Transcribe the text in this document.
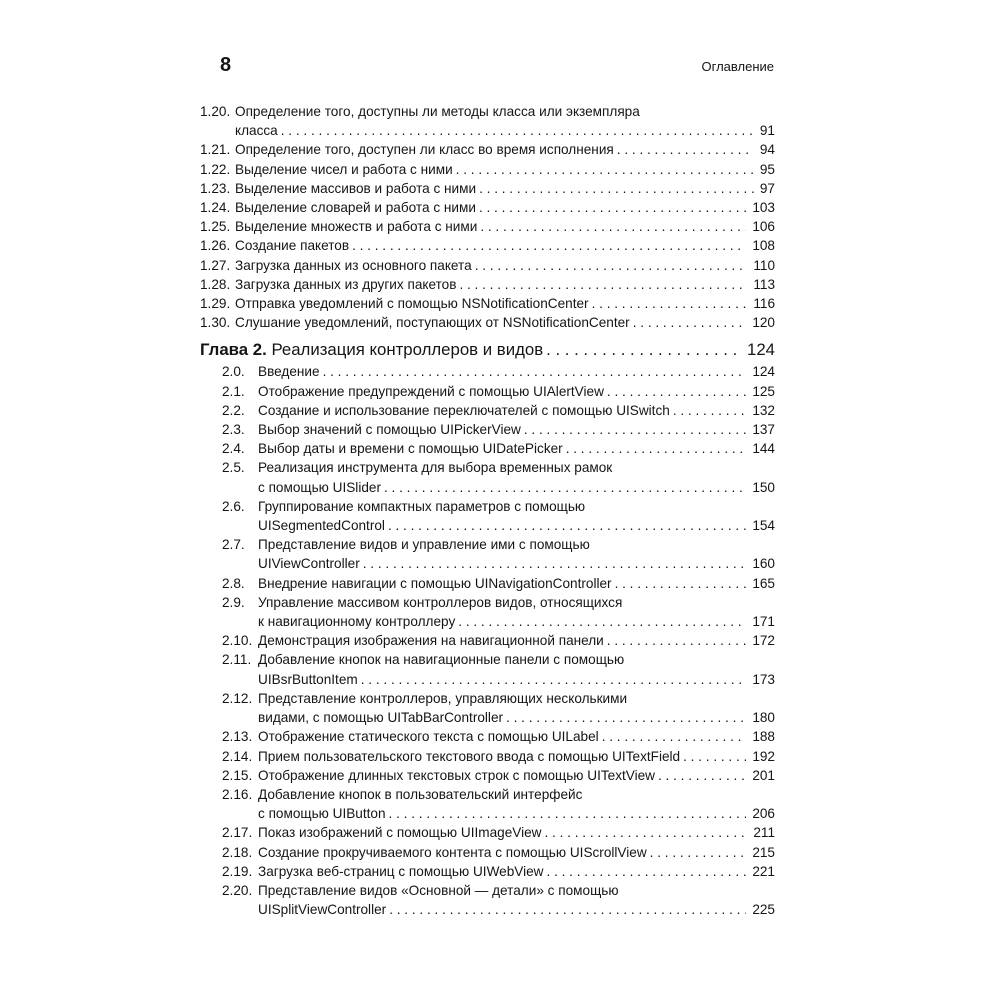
8	Оглавление
1.20. Определение того, доступны ли методы класса или экземпляра
класса . . .	91
1.21. Определение того, доступен ли класс во время исполнения . . .	94
1.22. Выделение чисел и работа с ними . . .	95
1.23. Выделение массивов и работа с ними . . .	97
1.24. Выделение словарей и работа с ними . . .	103
1.25. Выделение множеств и работа с ними . . .	106
1.26. Создание пакетов . . .	108
1.27. Загрузка данных из основного пакета . . .	110
1.28. Загрузка данных из других пакетов . . .	113
1.29. Отправка уведомлений с помощью NSNotificationCenter . . .	116
1.30. Слушание уведомлений, поступающих от NSNotificationCenter . . .	120
Глава 2. Реализация контроллеров и видов . . .	124
2.0. Введение . . .	124
2.1. Отображение предупреждений с помощью UIAlertView . . .	125
2.2. Создание и использование переключателей с помощью UISwitch . . .	132
2.3. Выбор значений с помощью UIPickerView . . .	137
2.4. Выбор даты и времени с помощью UIDatePicker . . .	144
2.5. Реализация инструмента для выбора временных рамок
с помощью UISlider . . .	150
2.6. Группирование компактных параметров с помощью
UISegmentedControl . . .	154
2.7. Представление видов и управление ими с помощью
UIViewController . . .	160
2.8. Внедрение навигации с помощью UINavigationController . . .	165
2.9. Управление массивом контроллеров видов, относящихся
к навигационному контроллеру . . .	171
2.10. Демонстрация изображения на навигационной панели . . .	172
2.11. Добавление кнопок на навигационные панели с помощью
UIBsrButtonItem . . .	173
2.12. Представление контроллеров, управляющих несколькими
видами, с помощью UITabBarController . . .	180
2.13. Отображение статического текста с помощью UILabel . . .	188
2.14. Прием пользовательского текстового ввода с помощью UITextField . . .	192
2.15. Отображение длинных текстовых строк с помощью UITextView . . .	201
2.16. Добавление кнопок в пользовательский интерфейс
с помощью UIButton . . .	206
2.17. Показ изображений с помощью UIImageView . . .	211
2.18. Создание прокручиваемого контента с помощью UIScrollView . . .	215
2.19. Загрузка веб-страниц с помощью UIWebView . . .	221
2.20. Представление видов «Основной — детали» с помощью
UISplitViewController . . .	225
